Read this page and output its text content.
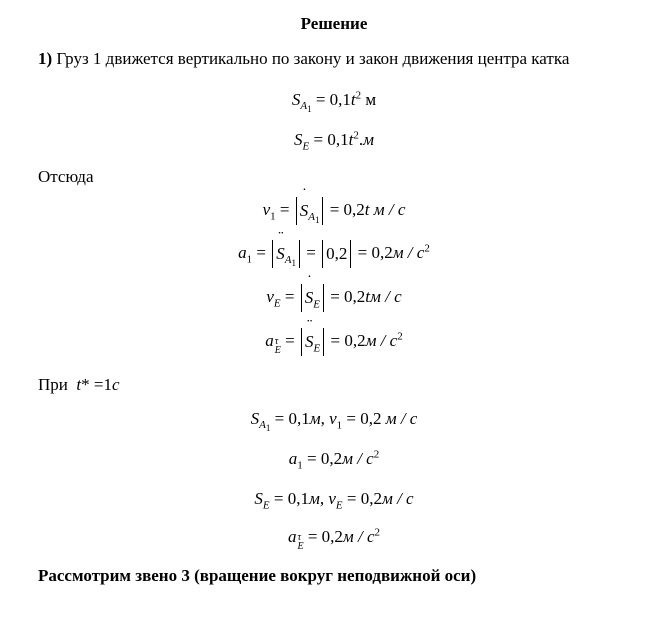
Решение
1) Груз 1 движется вертикально по закону и закон движения центра катка
$S_{A_1} = 0,1t^2$ м
$S_E = 0,1t^2.м$
Отсюда
$v_1$ =
˙
$S_{A_1} = 0,2t$ м / с
$a_1$ =
¨
$S_{A_1} = 0,2 = 0,2м / с^2$
$v_E$ =
˙
$S_E = 0,2tм / с$
a τ
E
=
¨
$S_E = 0,2м / с^2$
При t* =1с
$S_{A_1} = 0,1м$, $v_1 = 0,2$ м / с
$a_1 = 0,2м / с^2$
$S_E = 0,1м$, $v_E = 0,2м / с$
a τ
E
= $0,2м / с^2$
Рассмотрим звено 3 (вращение вокруг неподвижной оси)
